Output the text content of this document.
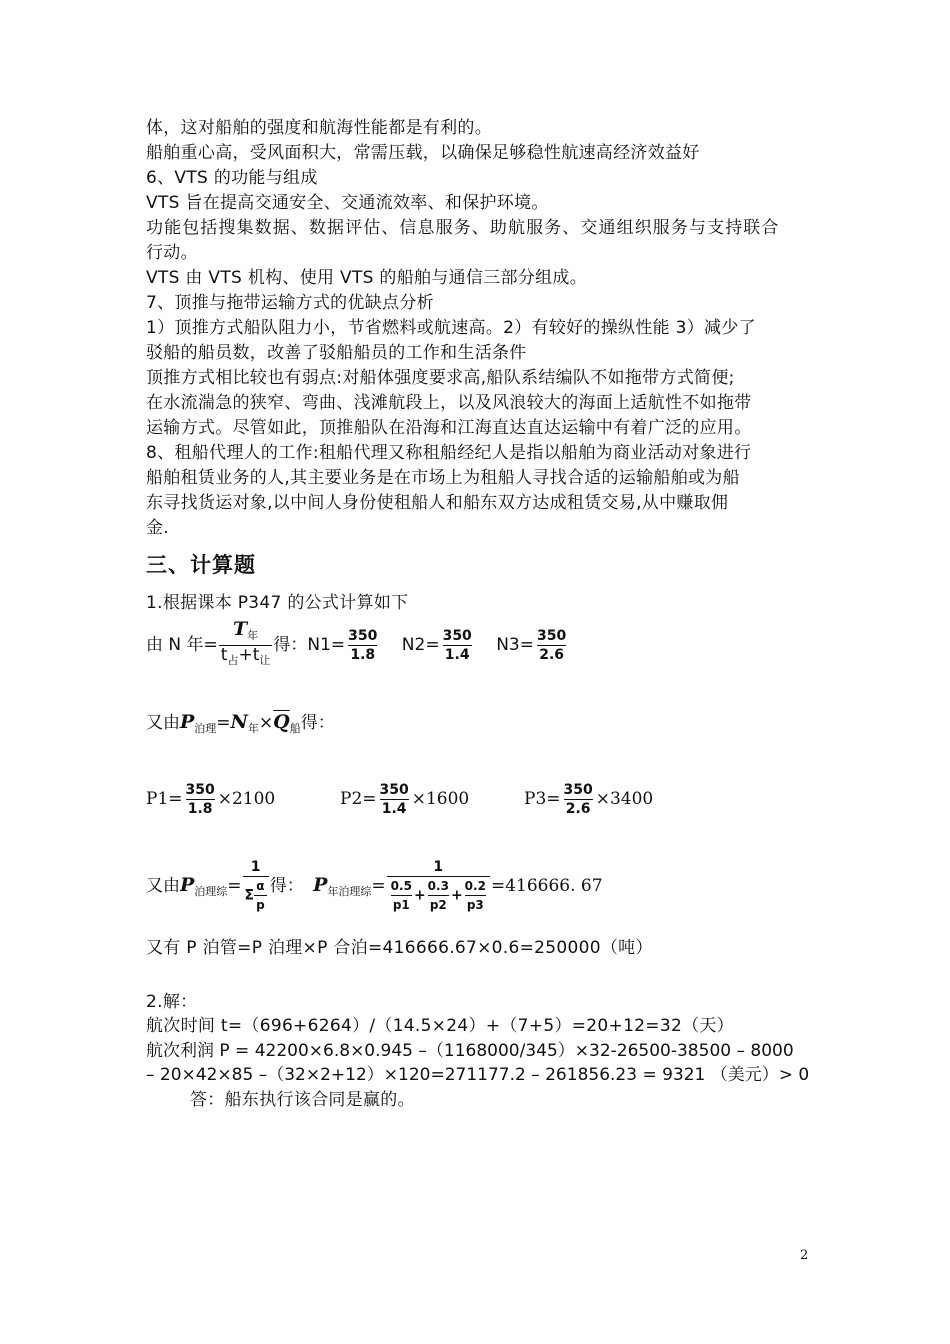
体，这对船舶的强度和航海性能都是有利的。
船舶重心高，受风面积大，常需压载，以确保足够稳性航速高经济效益好
6、VTS 的功能与组成
VTS 旨在提高交通安全、交通流效率、和保护环境。
功能包括搜集数据、数据评估、信息服务、助航服务、交通组织服务与支持联合
行动。
VTS 由 VTS 机构、使用 VTS 的船舶与通信三部分组成。
7、顶推与拖带运输方式的优缺点分析
1）顶推方式船队阻力小，节省燃料或航速高。2）有较好的操纵性能 3）减少了
驳船的船员数，改善了驳船船员的工作和生活条件
顶推方式相比较也有弱点:对船体强度要求高,船队系结编队不如拖带方式简便;
在水流湍急的狭窄、弯曲、浅滩航段上，以及风浪较大的海面上适航性不如拖带
运输方式。尽管如此，顶推船队在沿海和江海直达直达运输中有着广泛的应用。
8、租船代理人的工作:租船代理又称租船经纪人是指以船舶为商业活动对象进行
船舶租赁业务的人,其主要业务是在市场上为租船人寻找合适的运输船舶或为船
东寻找货运对象,以中间人身份使租船人和船东双方达成租赁交易,从中赚取佣
金.
三、计算题
1.根据课本 P347 的公式计算如下
由 N 年= $\frac{T_年}{t_占+t_让}$ 得：$N1= \frac{350}{1.8} N2= \frac{350}{1.4} N3= \frac{350}{2.6}$
又由$P_{泊理}=N_年\times\overline{Q}_船$得：
$P1= \frac{350}{1.8} \times 2100$	$P2= \frac{350}{1.4} \times 1600$	$P3= \frac{350}{2.6} \times 3400$
又由$P_{泊理综}= \frac{1}{\Sigma \frac{\alpha}{p}}$ 得： $P_{年泊理综}= \frac{1}{\frac{0.5}{p1} + \frac{0.3}{p2} + \frac{0.2}{p3}} =416666$. 67
又有 P 泊管=P 泊理×P 合泊=416666.67×0.6=250000（吨）
2.解：
航次时间 t=（696+6264）/（14.5×24）+（7+5）=20+12=32（天）
航次利润 P = 42200×6.8×0.945 –（1168000/345）×32-26500-38500 – 8000
– 20×42×85 –（32×2+12）×120=271177.2 – 261856.23 = 9321 （美元）> 0
答：船东执行该合同是赢的。
2
